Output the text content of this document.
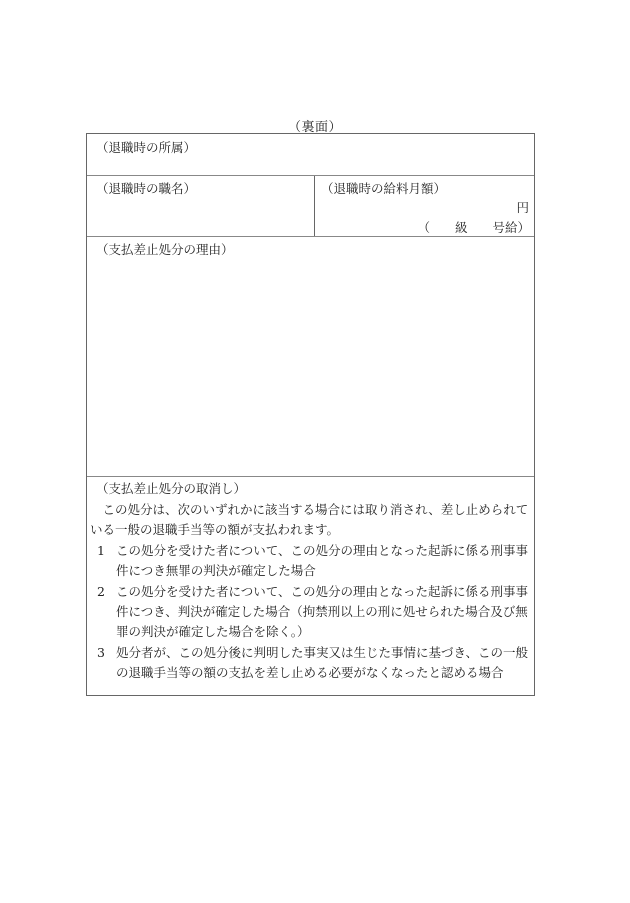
（裏面）
（退職時の所属）
（退職時の職名）	（退職時の給料月額）
円
（　　級　　号給）
（支払差止処分の理由）
（支払差止処分の取消し）

この処分は、次のいずれかに該当する場合には取り消され、差し止められている一般の退職手当等の額が支払われます。

1 この処分を受けた者について、この処分の理由となった起訴に係る刑事事件につき無罪の判決が確定した場合
2 この処分を受けた者について、この処分の理由となった起訴に係る刑事事件につき、判決が確定した場合（拘禁刑以上の刑に処せられた場合及び無罪の判決が確定した場合を除く。）
3 処分者が、この処分後に判明した事実又は生じた事情に基づき、この一般の退職手当等の額の支払を差し止める必要がなくなったと認める場合
